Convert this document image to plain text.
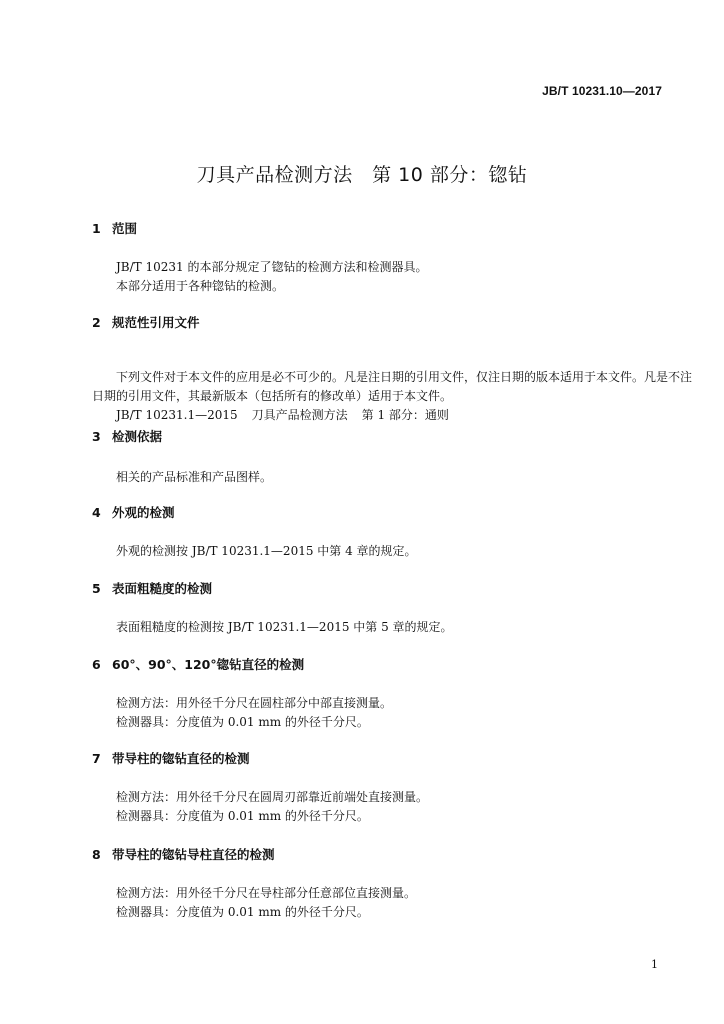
JB/T 10231.10—2017
刀具产品检测方法　第 10 部分：锪钻
1 范围
JB/T 10231 的本部分规定了锪钻的检测方法和检测器具。
本部分适用于各种锪钻的检测。
2 规范性引用文件

下列文件对于本文件的应用是必不可少的。凡是注日期的引用文件，仅注日期的版本适用于本文件。凡是不注日期的引用文件，其最新版本（包括所有的修改单）适用于本文件。

JB/T 10231.1—2015 刀具产品检测方法 第 1 部分：通则
3 检测依据
相关的产品标准和产品图样。
4 外观的检测
外观的检测按 JB/T 10231.1—2015 中第 4 章的规定。
5 表面粗糙度的检测
表面粗糙度的检测按 JB/T 10231.1—2015 中第 5 章的规定。
6 60°、90°、120°锪钻直径的检测
检测方法：用外径千分尺在圆柱部分中部直接测量。
检测器具：分度值为 0.01 mm 的外径千分尺。
7 带导柱的锪钻直径的检测
检测方法：用外径千分尺在圆周刃部靠近前端处直接测量。
检测器具：分度值为 0.01 mm 的外径千分尺。
8 带导柱的锪钻导柱直径的检测
检测方法：用外径千分尺在导柱部分任意部位直接测量。
检测器具：分度值为 0.01 mm 的外径千分尺。
1
